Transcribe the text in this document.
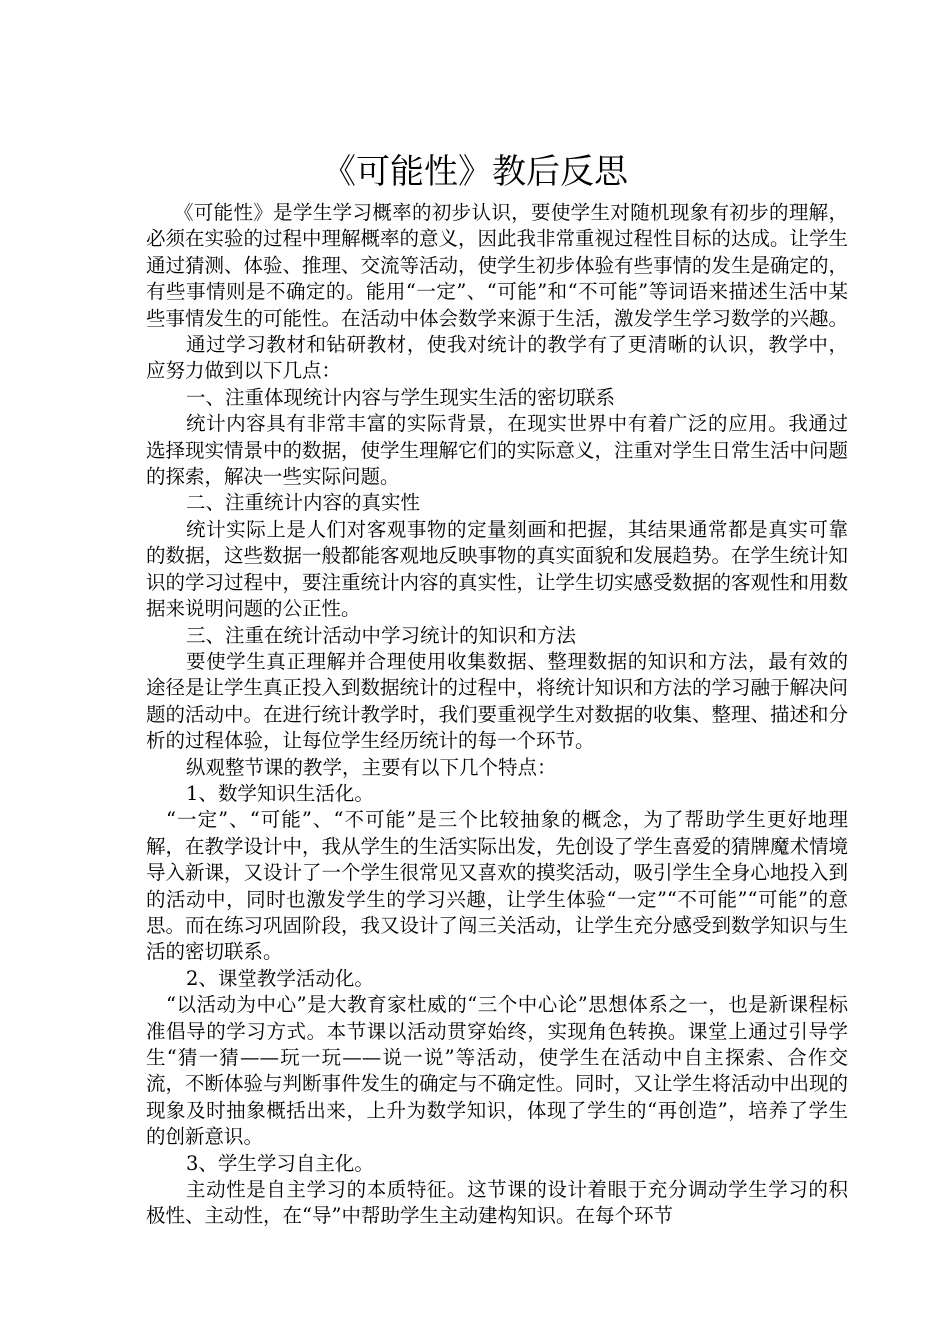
《可能性》教后反思

《可能性》是学生学习概率的初步认识，要使学生对随机现象有初步的理解，必须在实验的过程中理解概率的意义，因此我非常重视过程性目标的达成。让学生通过猜测、体验、推理、交流等活动，使学生初步体验有些事情的发生是确定的，有些事情则是不确定的。能用“一定”、“可能”和“不可能”等词语来描述生活中某些事情发生的可能性。在活动中体会数学来源于生活，激发学生学习数学的兴趣。

通过学习教材和钻研教材，使我对统计的教学有了更清晰的认识，教学中，应努力做到以下几点：

一、注重体现统计内容与学生现实生活的密切联系

统计内容具有非常丰富的实际背景，在现实世界中有着广泛的应用。我通过选择现实情景中的数据，使学生理解它们的实际意义，注重对学生日常生活中问题的探索，解决一些实际问题。

二、注重统计内容的真实性

统计实际上是人们对客观事物的定量刻画和把握，其结果通常都是真实可靠的数据，这些数据一般都能客观地反映事物的真实面貌和发展趋势。在学生统计知识的学习过程中，要注重统计内容的真实性，让学生切实感受数据的客观性和用数据来说明问题的公正性。

三、注重在统计活动中学习统计的知识和方法

要使学生真正理解并合理使用收集数据、整理数据的知识和方法，最有效的途径是让学生真正投入到数据统计的过程中，将统计知识和方法的学习融于解决问题的活动中。在进行统计教学时，我们要重视学生对数据的收集、整理、描述和分析的过程体验，让每位学生经历统计的每一个环节。

纵观整节课的教学，主要有以下几个特点：

1、数学知识生活化。

“一定”、“可能”、“不可能”是三个比较抽象的概念，为了帮助学生更好地理解，在教学设计中，我从学生的生活实际出发，先创设了学生喜爱的猜牌魔术情境导入新课，又设计了一个学生很常见又喜欢的摸奖活动，吸引学生全身心地投入到的活动中，同时也激发学生的学习兴趣，让学生体验“一定”“不可能”“可能”的意思。而在练习巩固阶段，我又设计了闯三关活动，让学生充分感受到数学知识与生活的密切联系。

2、课堂教学活动化。

“以活动为中心”是大教育家杜威的“三个中心论”思想体系之一，也是新课程标准倡导的学习方式。本节课以活动贯穿始终，实现角色转换。课堂上通过引导学生“猜一猜——玩一玩——说一说”等活动，使学生在活动中自主探索、合作交流，不断体验与判断事件发生的确定与不确定性。同时，又让学生将活动中出现的现象及时抽象概括出来，上升为数学知识，体现了学生的“再创造”，培养了学生的创新意识。

3、学生学习自主化。

主动性是自主学习的本质特征。这节课的设计着眼于充分调动学生学习的积极性、主动性，在“导”中帮助学生主动建构知识。在每个环节
